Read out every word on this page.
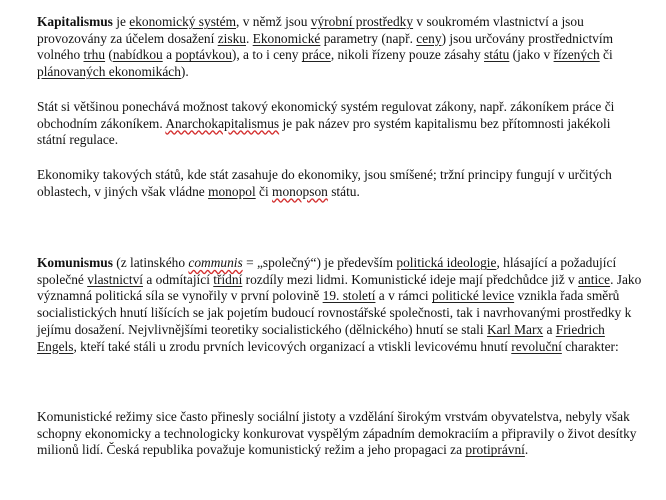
Kapitalismus je ekonomický systém, v němž jsou výrobní prostředky v soukromém vlastnictví a jsou provozovány za účelem dosažení zisku. Ekonomické parametry (např. ceny) jsou určovány prostřednictvím volného trhu (nabídkou a poptávkou), a to i ceny práce, nikoli řízeny pouze zásahy státu (jako v řízených či plánovaných ekonomikách).

Stát si většinou ponechává možnost takový ekonomický systém regulovat zákony, např. zákoníkem práce či obchodním zákoníkem. Anarchokapitalismus je pak název pro systém kapitalismu bez přítomnosti jakékoli státní regulace.

Ekonomiky takových států, kde stát zasahuje do ekonomiky, jsou smíšené; tržní principy fungují v určitých oblastech, v jiných však vládne monopol či monopson státu.

Komunismus (z latinského communis = „společný“) je především politická ideologie, hlásající a požadující společné vlastnictví a odmítající třídní rozdíly mezi lidmi. Komunistické ideje mají předchůdce již v antice. Jako významná politická síla se vynořily v první polovině 19. století a v rámci politické levice vznikla řada směrů socialistických hnutí lišících se jak pojetím budoucí rovnostářské společnosti, tak i navrhovanými prostředky k jejímu dosažení. Nejvlivnějšími teoretiky socialistického (dělnického) hnutí se stali Karl Marx a Friedrich Engels, kteří také stáli u zrodu prvních levicových organizací a vtiskli levicovému hnutí revoluční charakter:

Komunistické režimy sice často přinesly sociální jistoty a vzdělání širokým vrstvám obyvatelstva, nebyly však schopny ekonomicky a technologicky konkurovat vyspělým západním demokraciím a připravily o život desítky milionů lidí. Česká republika považuje komunistický režim a jeho propagaci za protiprávní.
